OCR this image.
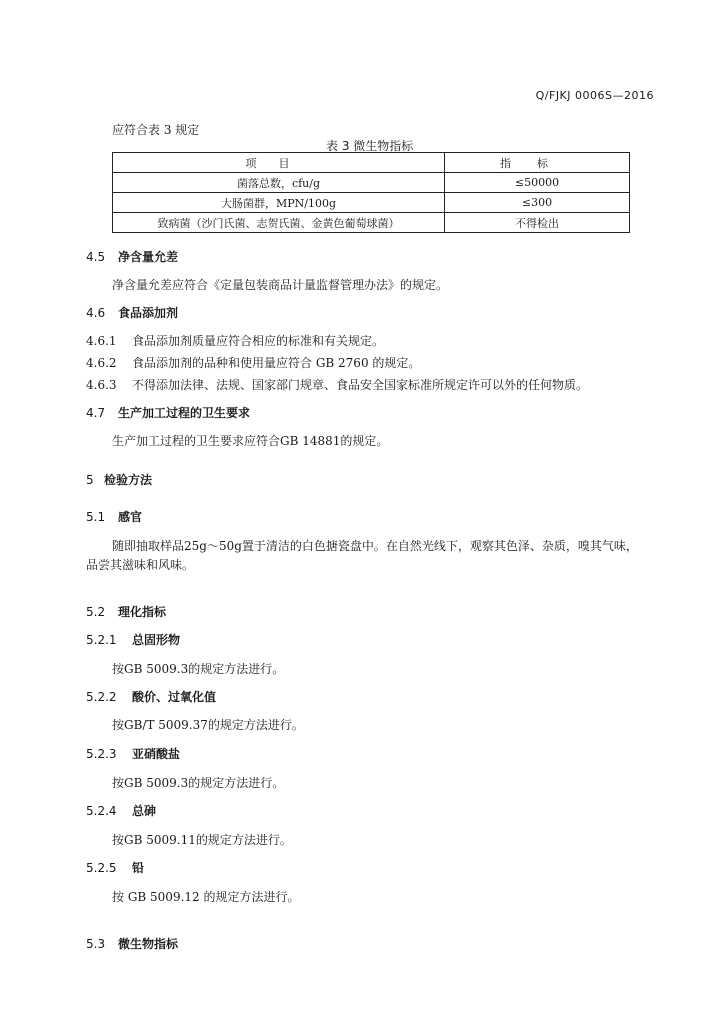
Q/FJKJ 0006S—2016
应符合表 3 规定
表 3 微生物指标
项目	指标
菌落总数，cfu/g	≤50000
大肠菌群，MPN/100g	≤300
致病菌（沙门氏菌、志贺氏菌、金黄色葡萄球菌）	不得检出
4.5 净含量允差
净含量允差应符合《定量包装商品计量监督管理办法》的规定。
4.6 食品添加剂
4.6.1 食品添加剂质量应符合相应的标准和有关规定。
4.6.2 食品添加剂的品种和使用量应符合 GB 2760 的规定。
4.6.3 不得添加法律、法规、国家部门规章、食品安全国家标准所规定许可以外的任何物质。
4.7 生产加工过程的卫生要求
生产加工过程的卫生要求应符合GB 14881的规定。
5 检验方法
5.1 感官
随即抽取样品25g～50g置于清洁的白色搪瓷盘中。在自然光线下，观察其色泽、杂质，嗅其气味，
品尝其滋味和风味。
5.2 理化指标
5.2.1 总固形物
按GB 5009.3的规定方法进行。
5.2.2 酸价、过氧化值
按GB/T 5009.37的规定方法进行。
5.2.3 亚硝酸盐
按GB 5009.3的规定方法进行。
5.2.4 总砷
按GB 5009.11的规定方法进行。
5.2.5 铅
按 GB 5009.12 的规定方法进行。
5.3 微生物指标
